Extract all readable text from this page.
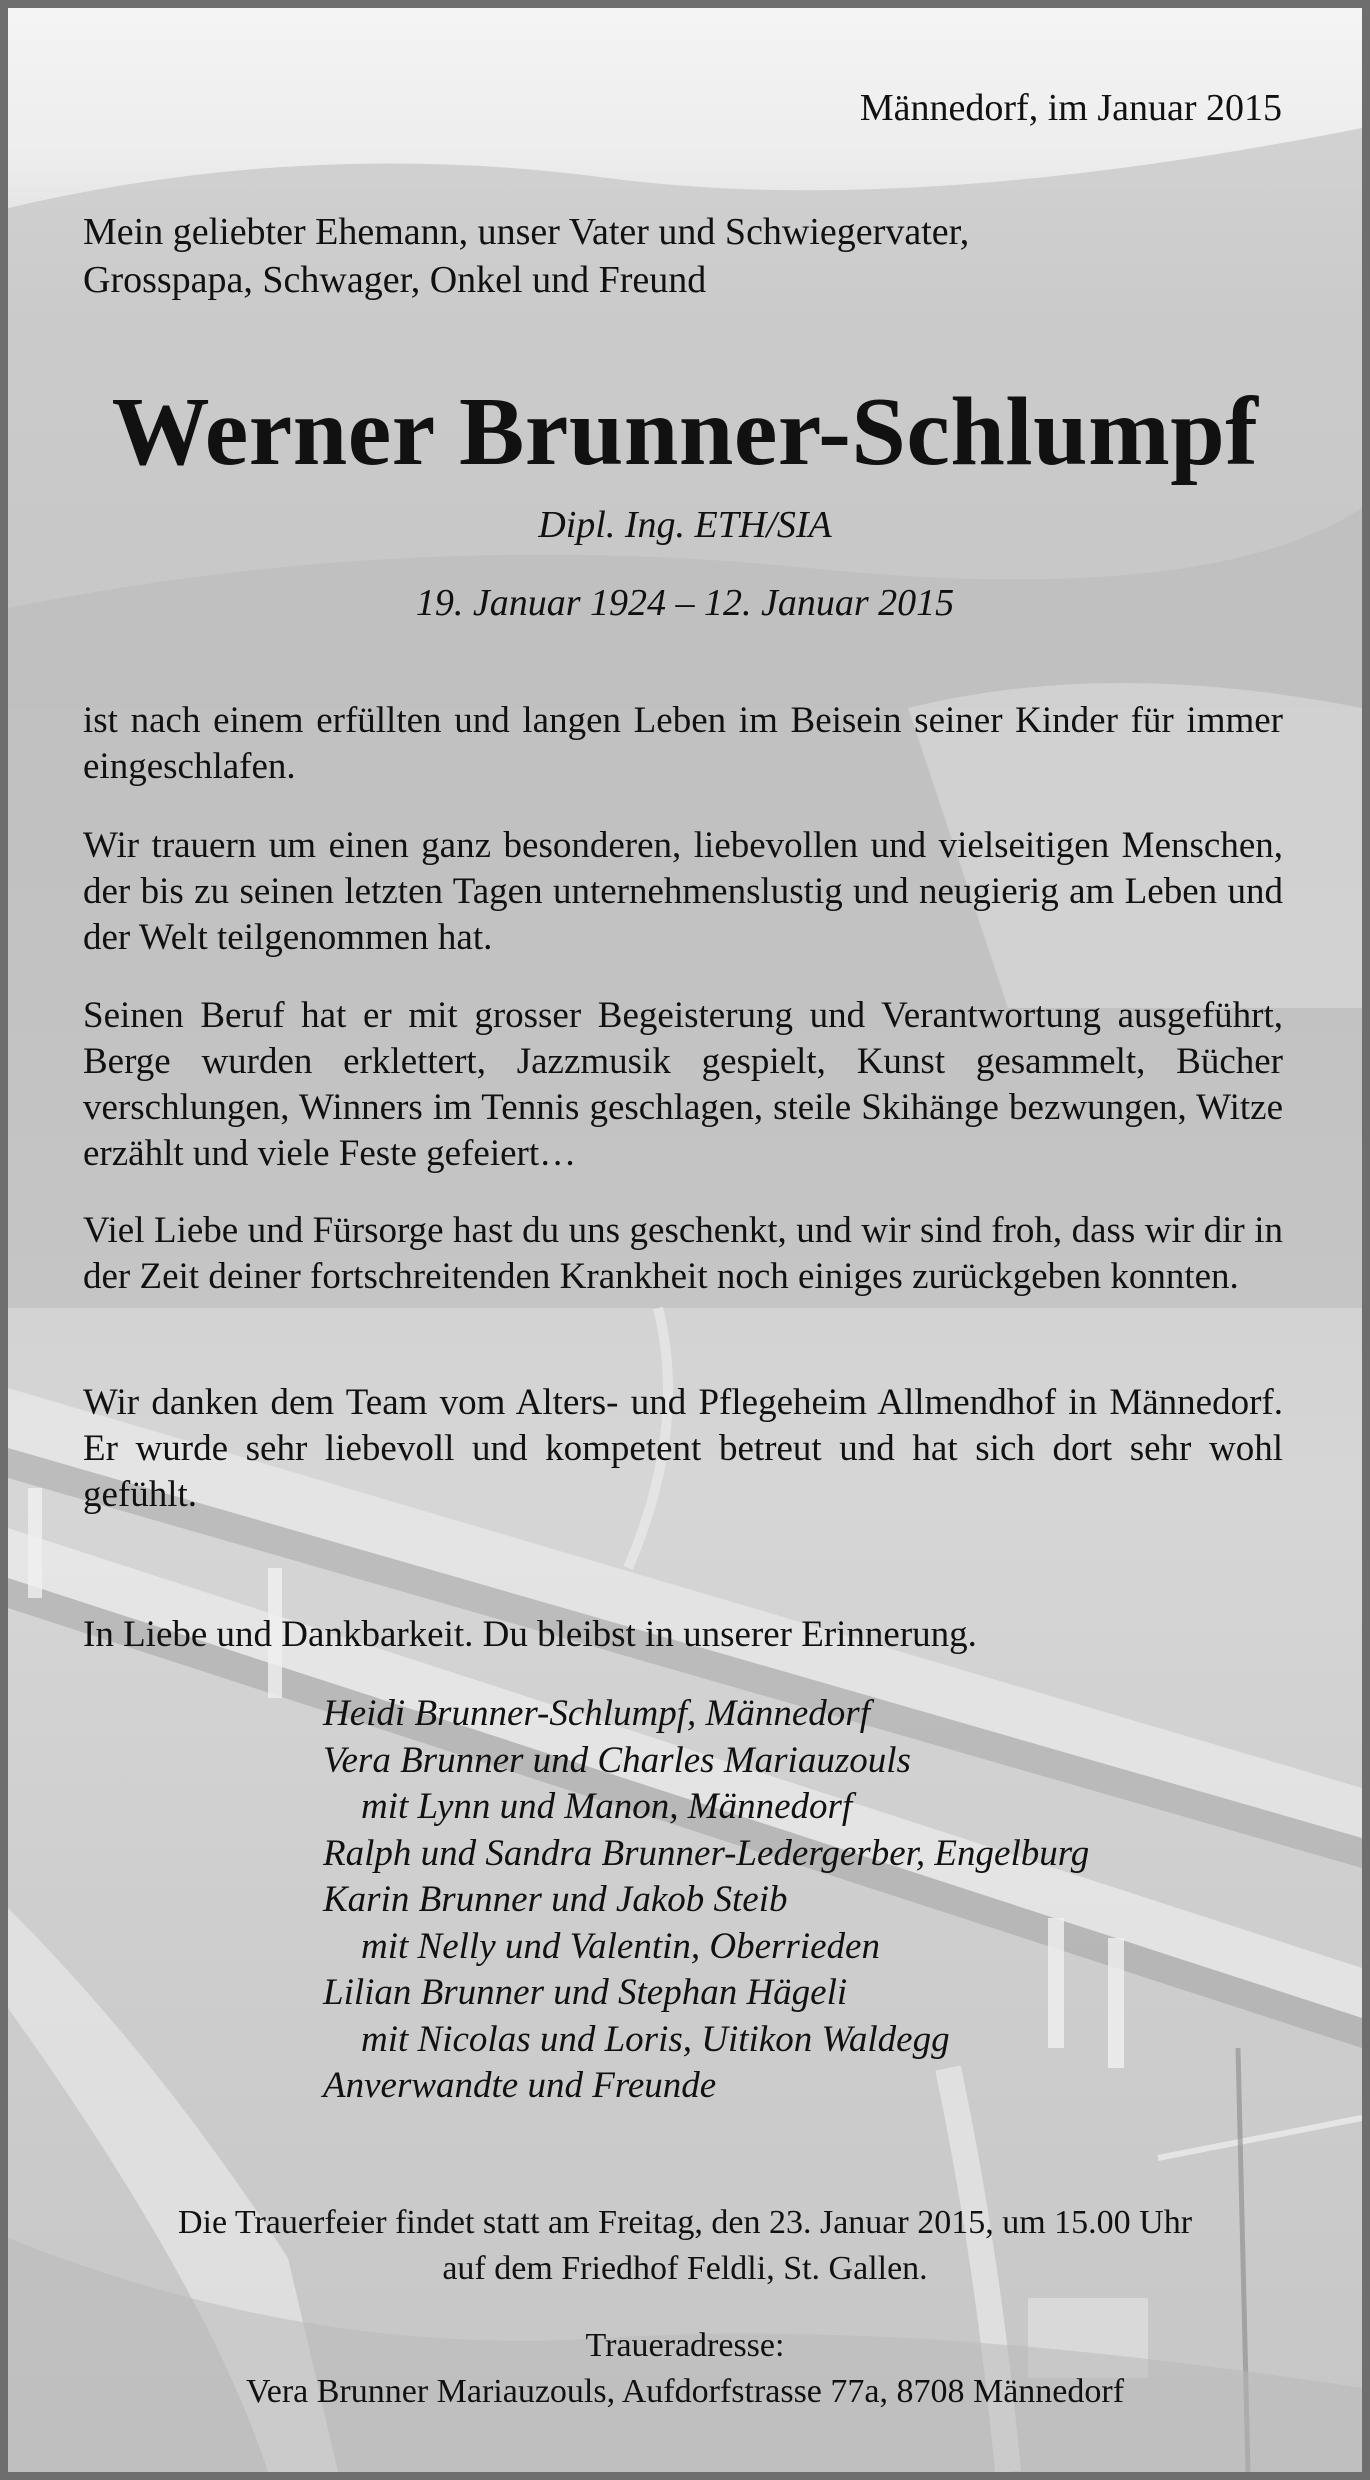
Männedorf, im Januar 2015
Mein geliebter Ehemann, unser Vater und Schwiegervater,
Grosspapa, Schwager, Onkel und Freund
Werner Brunner-Schlumpf
Dipl. Ing. ETH/SIA
19. Januar 1924 – 12. Januar 2015

ist nach einem erfüllten und langen Leben im Beisein seiner Kinder für immer eingeschlafen.

Wir trauern um einen ganz besonderen, liebevollen und vielseitigen Menschen, der bis zu seinen letzten Tagen unternehmenslustig und neugierig am Leben und der Welt teilgenommen hat.

Seinen Beruf hat er mit grosser Begeisterung und Verantwortung ausgeführt, Berge wurden erklettert, Jazzmusik gespielt, Kunst gesammelt, Bücher verschlungen, Winners im Tennis geschlagen, steile Skihänge bezwungen, Witze erzählt und viele Feste gefeiert…

Viel Liebe und Fürsorge hast du uns geschenkt, und wir sind froh, dass wir dir in der Zeit deiner fortschreitenden Krankheit noch einiges zurückgeben konnten.

Wir danken dem Team vom Alters- und Pflegeheim Allmendhof in Männedorf. Er wurde sehr liebevoll und kompetent betreut und hat sich dort sehr wohl gefühlt.

In Liebe und Dankbarkeit. Du bleibst in unserer Erinnerung.

Heidi Brunner-Schlumpf, Männedorf
Vera Brunner und Charles Mariauzouls
mit Lynn und Manon, Männedorf
Ralph und Sandra Brunner-Ledergerber, Engelburg
Karin Brunner und Jakob Steib
mit Nelly und Valentin, Oberrieden
Lilian Brunner und Stephan Hägeli
mit Nicolas und Loris, Uitikon Waldegg
Anverwandte und Freunde
Die Trauerfeier findet statt am Freitag, den 23. Januar 2015, um 15.00 Uhr
auf dem Friedhof Feldli, St. Gallen.
Traueradresse:
Vera Brunner Mariauzouls, Aufdorfstrasse 77a, 8708 Männedorf
